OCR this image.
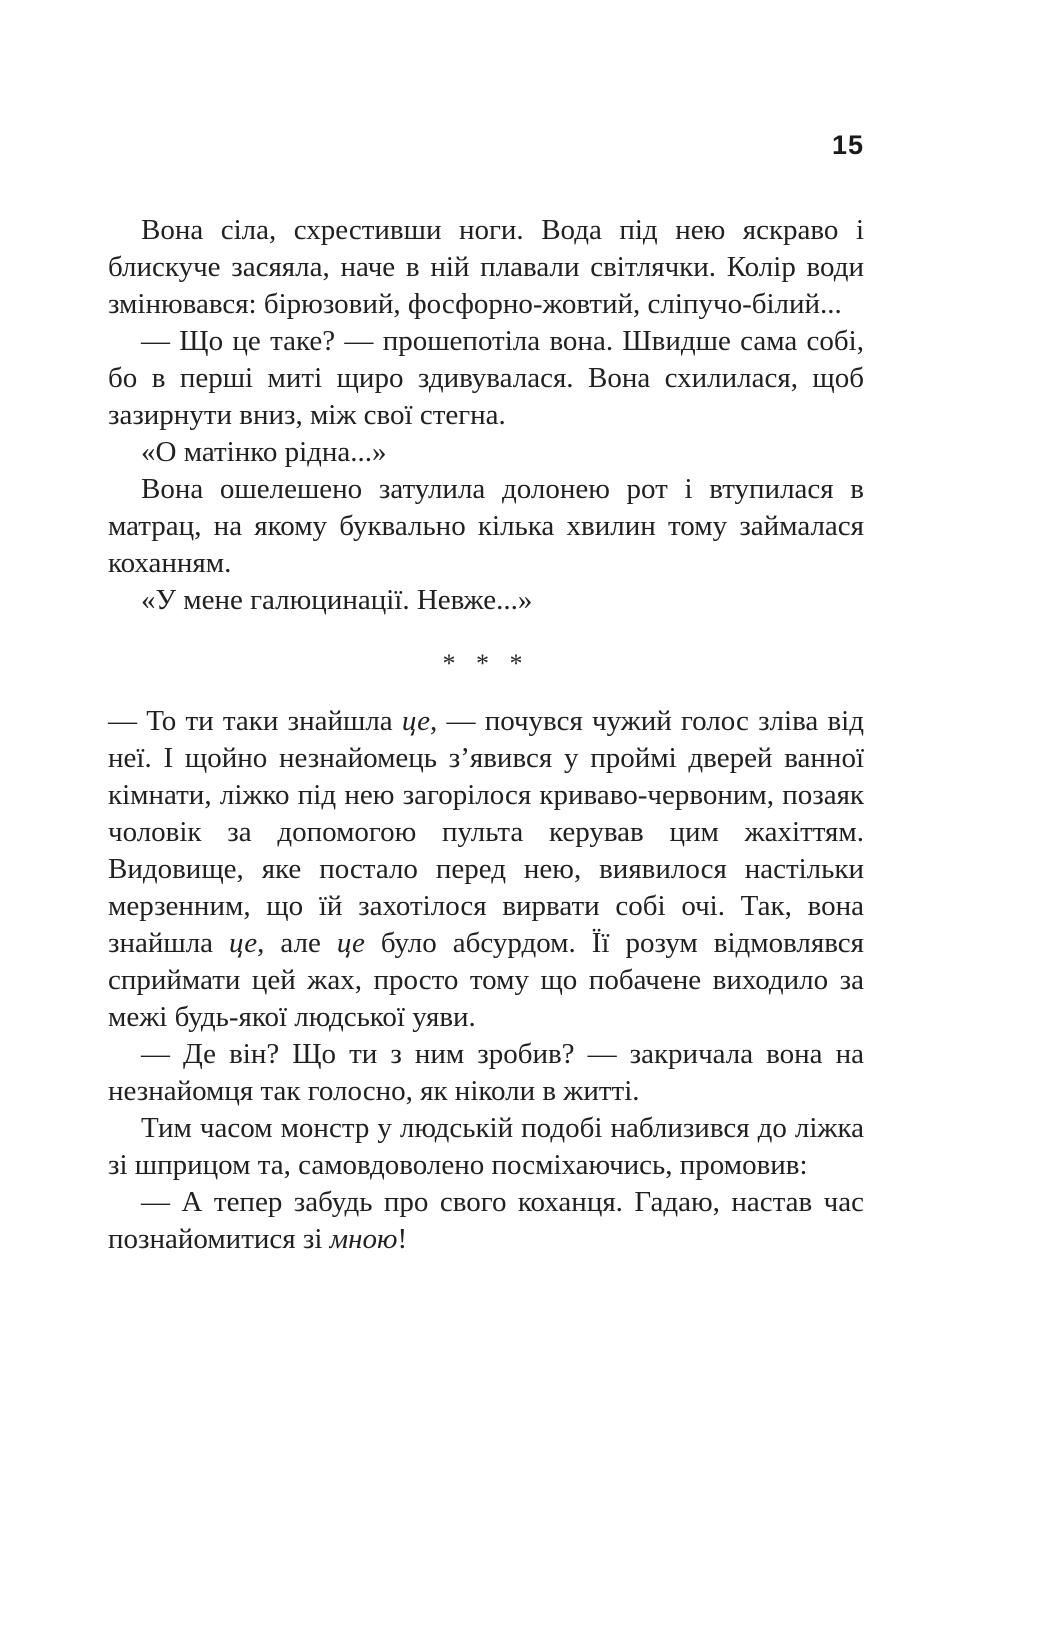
15
Вона сіла, схрестивши ноги. Вода під нею яскраво і блискуче засяяла, наче в ній плавали світлячки. Колір води змінювався: бірюзовий, фосфорно-жовтий, сліпучо-білий...
— Що це таке? — прошепотіла вона. Швидше сама собі, бо в перші миті щиро здивувалася. Вона схилилася, щоб зазирнути вниз, між свої стегна.
«О матінко рідна...»
Вона ошелешено затулила долонею рот і втупилася в матрац, на якому буквально кілька хвилин тому займалася коханням.
«У мене галюцинації. Невже...»
* * *
— То ти таки знайшла це, — почувся чужий голос зліва від неї. І щойно незнайомець з’явився у проймі дверей ванної кімнати, ліжко під нею загорілося криваво-червоним, позаяк чоловік за допомогою пульта керував цим жахіттям. Видовище, яке постало перед нею, виявилося настільки мерзенним, що їй захотілося вирвати собі очі. Так, вона знайшла це, але це було абсурдом. Її розум відмовлявся сприймати цей жах, просто тому що побачене виходило за межі будь-якої людської уяви.
— Де він? Що ти з ним зробив? — закричала вона на незнайомця так голосно, як ніколи в житті.
Тим часом монстр у людській подобі наблизився до ліжка зі шприцом та, самовдоволено посміхаючись, промовив:
— А тепер забудь про свого коханця. Гадаю, настав час познайомитися зі мною!
